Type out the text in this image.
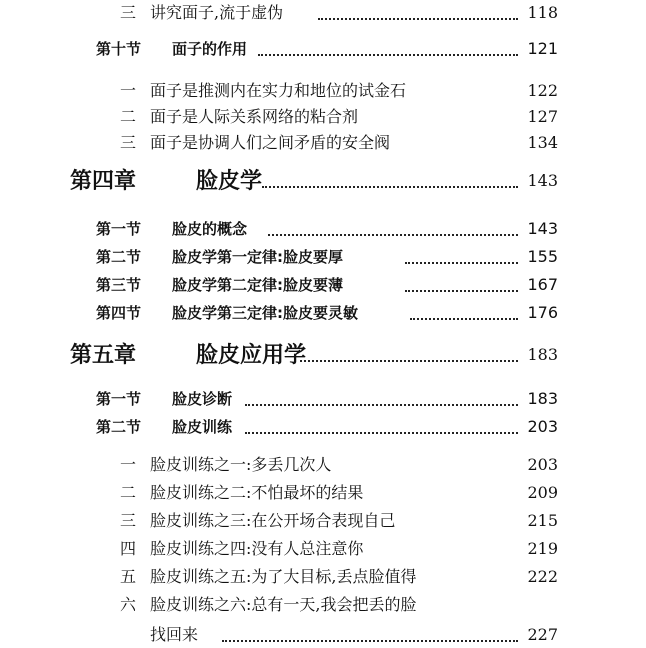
三 讲究面子,流于虚伪	118
第十节 面子的作用	121
一 面子是推测内在实力和地位的试金石	122
二 面子是人际关系网络的粘合剂	127
三 面子是协调人们之间矛盾的安全阀	134
第四章	脸皮学	143
第一节 脸皮的概念	143
第二节 脸皮学第一定律:脸皮要厚	155
第三节 脸皮学第二定律:脸皮要薄	167
第四节 脸皮学第三定律:脸皮要灵敏	176
第五章	脸皮应用学	183
第一节 脸皮诊断	183
第二节 脸皮训练	203
一 脸皮训练之一:多丢几次人	203
二 脸皮训练之二:不怕最坏的结果	209
三 脸皮训练之三:在公开场合表现自己	215
四 脸皮训练之四:没有人总注意你	219
五 脸皮训练之五:为了大目标,丢点脸值得	222
六 脸皮训练之六:总有一天,我会把丢的脸
找回来	227
